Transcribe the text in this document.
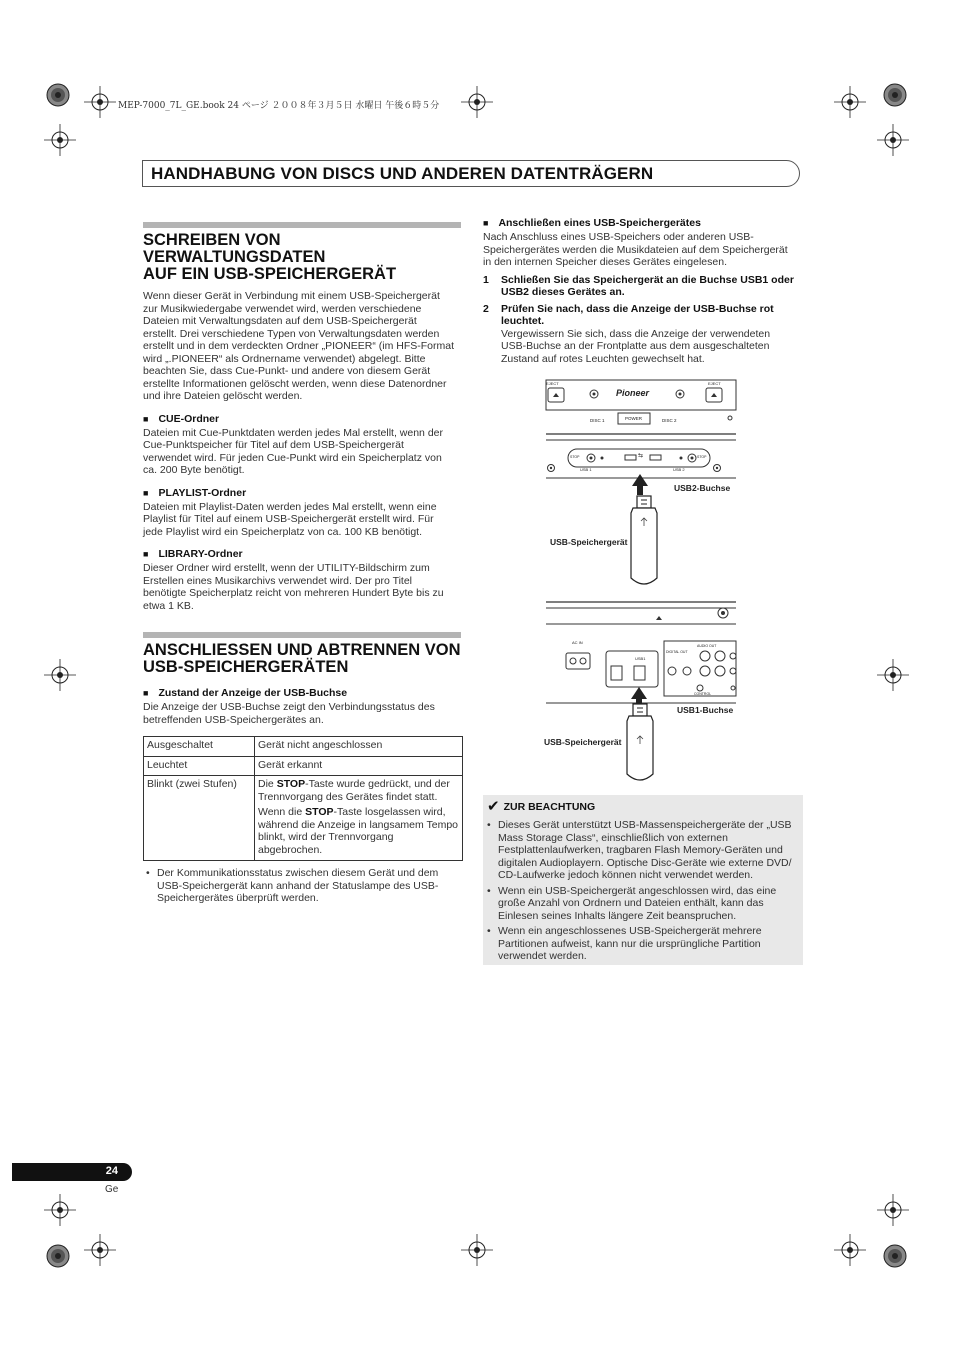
MEP-7000_7L_GE.book 24 ページ ２００８年３月５日 水曜日 午後６時５分
HANDHABUNG VON DISCS UND ANDEREN DATENTRÄGERN
SCHREIBEN VON VERWALTUNGSDATEN
AUF EIN USB-SPEICHERGERÄT
Wenn dieser Gerät in Verbindung mit einem USB-Speichergerät
zur Musikwiedergabe verwendet wird, werden verschiedene
Dateien mit Verwaltungsdaten auf dem USB-Speichergerät
erstellt. Drei verschiedene Typen von Verwaltungsdaten werden
erstellt und in dem verdeckten Ordner „PIONEER“ (im HFS-Format
wird „.PIONEER“ als Ordnername verwendet) abgelegt. Bitte
beachten Sie, dass Cue-Punkt- und andere von diesem Gerät
erstellte Informationen gelöscht werden, wenn diese Datenordner
und ihre Dateien gelöscht werden.
■ CUE-Ordner
Dateien mit Cue-Punktdaten werden jedes Mal erstellt, wenn der
Cue-Punktspeicher für Titel auf dem USB-Speichergerät
verwendet wird. Für jeden Cue-Punkt wird ein Speicherplatz von
ca. 200 Byte benötigt.
■ PLAYLIST-Ordner
Dateien mit Playlist-Daten werden jedes Mal erstellt, wenn eine
Playlist für Titel auf einem USB-Speichergerät erstellt wird. Für
jede Playlist wird ein Speicherplatz von ca. 100 KB benötigt.
■ LIBRARY-Ordner
Dieser Ordner wird erstellt, wenn der UTILITY-Bildschirm zum
Erstellen eines Musikarchivs verwendet wird. Der pro Titel
benötigte Speicherplatz reicht von mehreren Hundert Byte bis zu
etwa 1 KB.
ANSCHLIESSEN UND ABTRENNEN VON
USB-SPEICHERGERÄTEN
■ Zustand der Anzeige der USB-Buchse
Die Anzeige der USB-Buchse zeigt den Verbindungsstatus des
betreffenden USB-Speichergerätes an.
Ausgeschaltet	Gerät nicht angeschlossen
Leuchtet	Gerät erkannt
Blinkt (zwei Stufen)	Die STOP-Taste wurde gedrückt, und der Trennvorgang des Gerätes findet statt.
Wenn die STOP-Taste losgelassen wird, während die Anzeige in langsamem Tempo blinkt, wird der Trennvorgang abgebrochen.
• Der Kommunikationsstatus zwischen diesem Gerät und dem USB-Speichergerät kann anhand der Statuslampe des USB-Speichergerätes überprüft werden.
■ Anschließen eines USB-Speichergerätes
Nach Anschluss eines USB-Speichers oder anderen USB-
Speichergerätes werden die Musikdateien auf dem Speichergerät
in den internen Speicher dieses Gerätes eingelesen.
1 Schließen Sie das Speichergerät an die Buchse USB1 oder
USB2 dieses Gerätes an.
2 Prüfen Sie nach, dass die Anzeige der USB-Buchse rot
leuchtet.
Vergewissern Sie sich, dass die Anzeige der verwendeten
USB-Buchse an der Frontplatte aus dem ausgeschalteten
Zustand auf rotes Leuchten gewechselt hat.
EJECT	EJECT
Pioneer
DISC 1	POWER	DISC 2
STOP	⇆	STOP
USB 1	USB 2
USB2-Buchse
USB-Speichergerät
AC IN
USB1
DIGITAL OUT
AUDIO OUT
CONTROL
USB1-Buchse
USB-Speichergerät
✔ ZUR BEACHTUNG
• Dieses Gerät unterstützt USB-Massenspeichergeräte der „USB Mass Storage Class“, einschließlich von externen Festplattenlaufwerken, tragbaren Flash Memory-Geräten und digitalen Audioplayern. Optische Disc-Geräte wie externe DVD/ CD-Laufwerke jedoch können nicht verwendet werden.
• Wenn ein USB-Speichergerät angeschlossen wird, das eine große Anzahl von Ordnern und Dateien enthält, kann das Einlesen seines Inhalts längere Zeit beanspruchen.
• Wenn ein angeschlossenes USB-Speichergerät mehrere Partitionen aufweist, kann nur die ursprüngliche Partition verwendet werden.
24
Ge
